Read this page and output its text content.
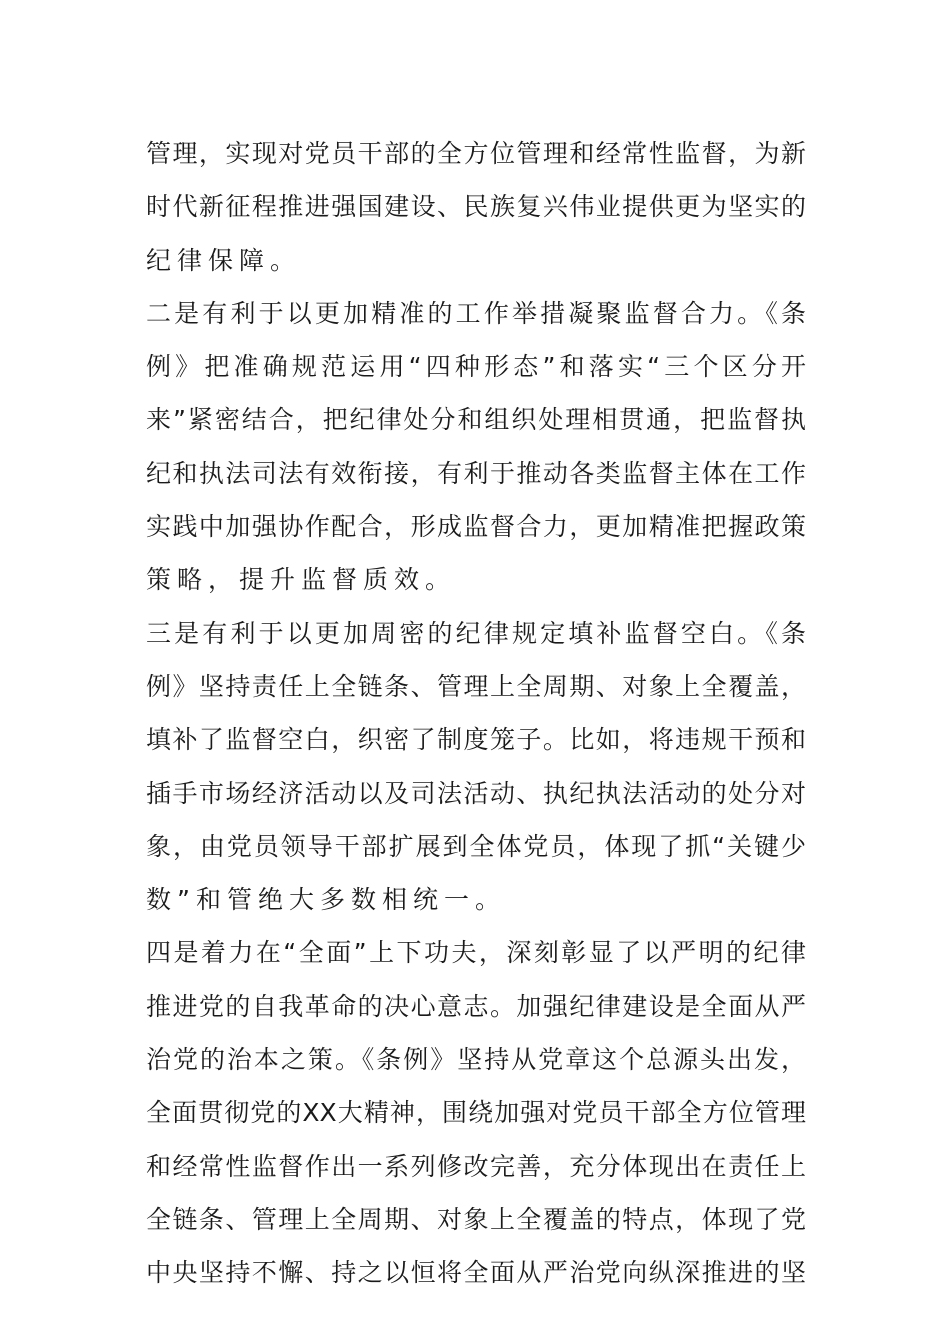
管理，实现对党员干部的全方位管理和经常性监督，为新
时代新征程推进强国建设、民族复兴伟业提供更为坚实的
纪律保障。
二是有利于以更加精准的工作举措凝聚监督合力。《条
例》把准确规范运用“四种形态”和落实“三个区分开
来”紧密结合，把纪律处分和组织处理相贯通，把监督执
纪和执法司法有效衔接，有利于推动各类监督主体在工作
实践中加强协作配合，形成监督合力，更加精准把握政策
策略，提升监督质效。
三是有利于以更加周密的纪律规定填补监督空白。《条
例》坚持责任上全链条、管理上全周期、对象上全覆盖，
填补了监督空白，织密了制度笼子。比如，将违规干预和
插手市场经济活动以及司法活动、执纪执法活动的处分对
象，由党员领导干部扩展到全体党员，体现了抓“关键少
数”和管绝大多数相统一。
四是着力在“全面”上下功夫，深刻彰显了以严明的纪律
推进党的自我革命的决心意志。加强纪律建设是全面从严
治党的治本之策。《条例》坚持从党章这个总源头出发，
全面贯彻党的XX大精神，围绕加强对党员干部全方位管理
和经常性监督作出一系列修改完善，充分体现出在责任上
全链条、管理上全周期、对象上全覆盖的特点，体现了党
中央坚持不懈、持之以恒将全面从严治党向纵深推进的坚
